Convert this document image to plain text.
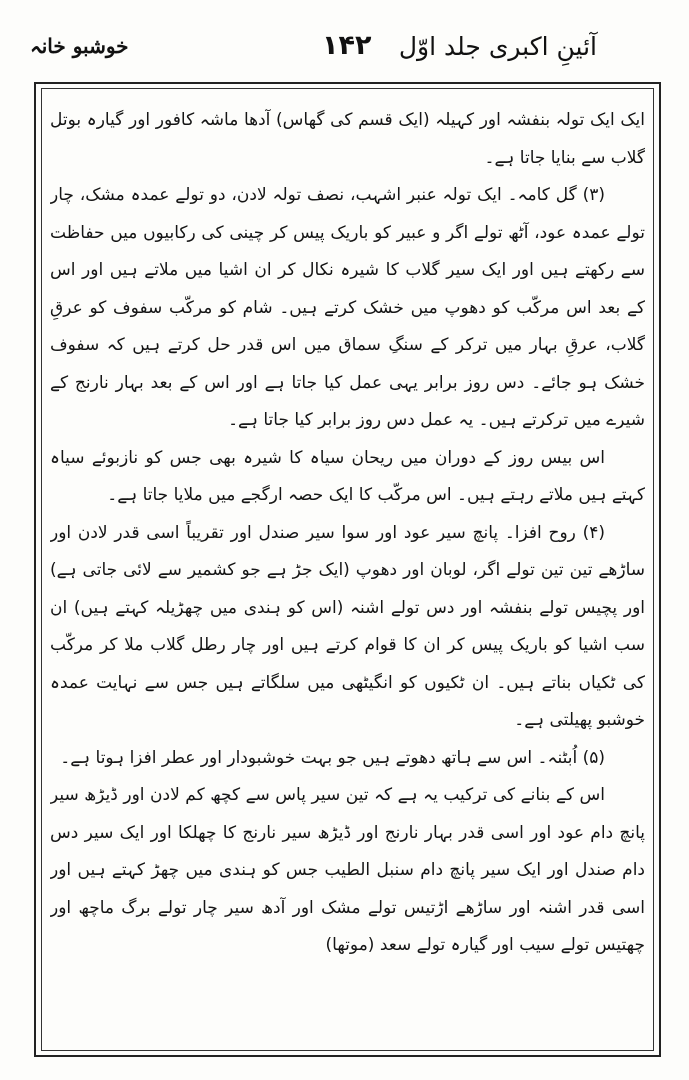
آئینِ اکبری جلد اوّل
۱۴۲
خوشبو خانہ

ایک ایک تولہ بنفشہ اور کہیلہ (ایک قسم کی گھاس) آدھا ماشہ کافور اور گیارہ بوتل گلاب سے بنایا جاتا ہے۔

(۳) گل کامہ۔ ایک تولہ عنبر اشہب، نصف تولہ لادن، دو تولے عمدہ مشک، چار تولے عمدہ عود، آٹھ تولے اگر و عبیر کو باریک پیس کر چینی کی رکابیوں میں حفاظت سے رکھتے ہیں اور ایک سیر گلاب کا شیرہ نکال کر ان اشیا میں ملاتے ہیں اور اس کے بعد اس مرکّب کو دھوپ میں خشک کرتے ہیں۔ شام کو مرکّب سفوف کو عرقِ گلاب، عرقِ بہار میں ترکر کے سنگِ سماق میں اس قدر حل کرتے ہیں کہ سفوف خشک ہو جائے۔ دس روز برابر یہی عمل کیا جاتا ہے اور اس کے بعد بہار نارنج کے شیرے میں ترکرتے ہیں۔ یہ عمل دس روز برابر کیا جاتا ہے۔

اس بیس روز کے دوران میں ریحان سیاہ کا شیرہ بھی جس کو نازبوئے سیاہ کہتے ہیں ملاتے رہتے ہیں۔ اس مرکّب کا ایک حصہ ارگجے میں ملایا جاتا ہے۔

(۴) روح افزا۔ پانچ سیر عود اور سوا سیر صندل اور تقریباً اسی قدر لادن اور ساڑھے تین تین تولے اگر، لوبان اور دھوپ (ایک جڑ ہے جو کشمیر سے لائی جاتی ہے) اور پچیس تولے بنفشہ اور دس تولے اشنہ (اس کو ہندی میں چھڑیلہ کہتے ہیں) ان سب اشیا کو باریک پیس کر ان کا قوام کرتے ہیں اور چار رطل گلاب ملا کر مرکّب کی ٹکیاں بناتے ہیں۔ ان ٹکیوں کو انگیٹھی میں سلگاتے ہیں جس سے نہایت عمدہ خوشبو پھیلتی ہے۔

(۵) اُبٹنہ۔ اس سے ہاتھ دھوتے ہیں جو بہت خوشبودار اور عطر افزا ہوتا ہے۔

اس کے بنانے کی ترکیب یہ ہے کہ تین سیر پاس سے کچھ کم لادن اور ڈیڑھ سیر پانچ دام عود اور اسی قدر بہار نارنج اور ڈیڑھ سیر نارنج کا چھلکا اور ایک سیر دس دام صندل اور ایک سیر پانچ دام سنبل الطیب جس کو ہندی میں چھڑ کہتے ہیں اور اسی قدر اشنہ اور ساڑھے اڑتیس تولے مشک اور آدھ سیر چار تولے برگ ماچھ اور چھتیس تولے سیب اور گیارہ تولے سعد (موتھا)
